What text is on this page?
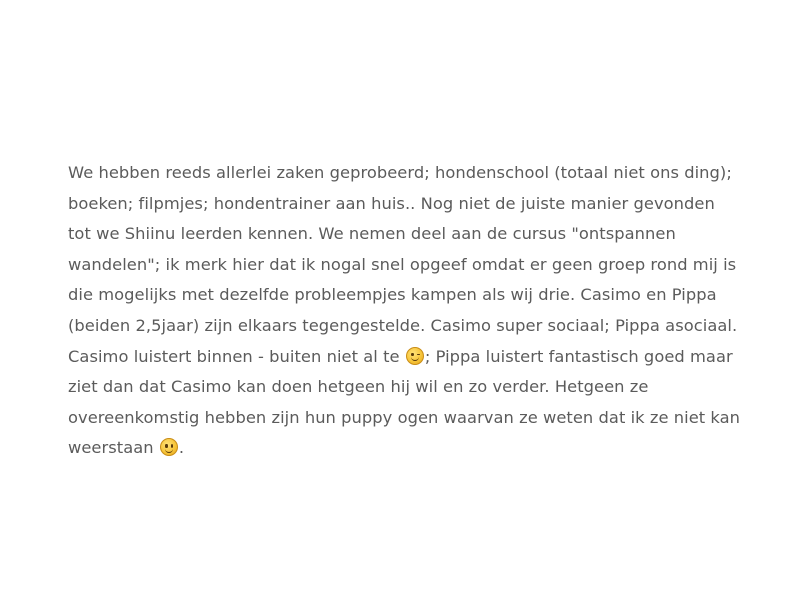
We hebben reeds allerlei zaken geprobeerd; hondenschool (totaal niet ons ding);
boeken; filpmjes; hondentrainer aan huis.. Nog niet de juiste manier gevonden
tot we Shiinu leerden kennen. We nemen deel aan de cursus "ontspannen
wandelen"; ik merk hier dat ik nogal snel opgeef omdat er geen groep rond mij is
die mogelijks met dezelfde probleempjes kampen als wij drie. Casimo en Pippa
(beiden 2,5jaar) zijn elkaars tegengestelde. Casimo super sociaal; Pippa asociaal.
Casimo luistert binnen - buiten niet al te
; Pippa luistert fantastisch goed maar
ziet dan dat Casimo kan doen hetgeen hij wil en zo verder. Hetgeen ze
overeenkomstig hebben zijn hun puppy ogen waarvan ze weten dat ik ze niet kan
weerstaan
.
